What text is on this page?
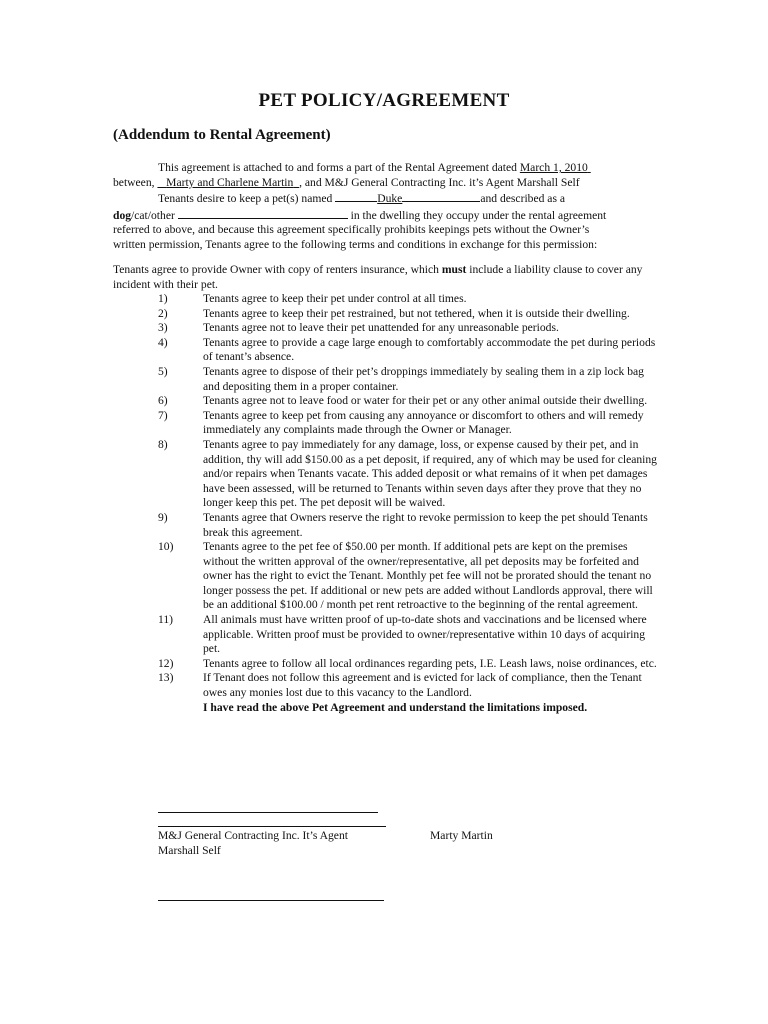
PET POLICY/AGREEMENT
(Addendum to Rental Agreement)
This agreement is attached to and forms a part of the Rental Agreement dated March 1, 2010
between,    Marty and Charlene Martin , and M&J General Contracting Inc. it’s Agent Marshall Self
Tenants desire to keep a pet(s) named	Duke	and described as a
dog/cat/other	in the dwelling they occupy under the rental agreement
referred to above, and because this agreement specifically prohibits keepings pets without the Owner’s
written permission, Tenants agree to the following terms and conditions in exchange for this permission:
Tenants agree to provide Owner with copy of renters insurance, which must include a liability clause to cover any incident with their pet.
1)	Tenants agree to keep their pet under control at all times.
2)	Tenants agree to keep their pet restrained, but not tethered, when it is outside their dwelling.
3)	Tenants agree not to leave their pet unattended for any unreasonable periods.
4)	Tenants agree to provide a cage large enough to comfortably accommodate the pet during periods of tenant’s absence.
5)	Tenants agree to dispose of their pet’s droppings immediately by sealing them in a zip lock bag and depositing them in a proper container.
6)	Tenants agree not to leave food or water for their pet or any other animal outside their dwelling.
7)	Tenants agree to keep pet from causing any annoyance or discomfort to others and will remedy immediately any complaints made through the Owner or Manager.
8)	Tenants agree to pay immediately for any damage, loss, or expense caused by their pet, and in addition, thy will add $150.00 as a pet deposit, if required, any of which may be used for cleaning and/or repairs when Tenants vacate. This added deposit or what remains of it when pet damages have been assessed, will be returned to Tenants within seven days after they prove that they no longer keep this pet. The pet deposit will be waived.
9)	Tenants agree that Owners reserve the right to revoke permission to keep the pet should Tenants break this agreement.
10)	Tenants agree to the pet fee of $50.00 per month. If additional pets are kept on the premises without the written approval of the owner/representative, all pet deposits may be forfeited and owner has the right to evict the Tenant. Monthly pet fee will not be prorated should the tenant no longer possess the pet. If additional or new pets are added without Landlords approval, there will be an additional $100.00 / month pet rent retroactive to the beginning of the rental agreement.
11)	All animals must have written proof of up-to-date shots and vaccinations and be licensed where applicable. Written proof must be provided to owner/representative within 10 days of acquiring pet.
12)	Tenants agree to follow all local ordinances regarding pets, I.E. Leash laws, noise ordinances, etc.
13)	If Tenant does not follow this agreement and is evicted for lack of compliance, then the Tenant owes any monies lost due to this vacancy to the Landlord.
I have read the above Pet Agreement and understand the limitations imposed.
M&J General Contracting Inc. It’s Agent
Marshall Self
Marty Martin
